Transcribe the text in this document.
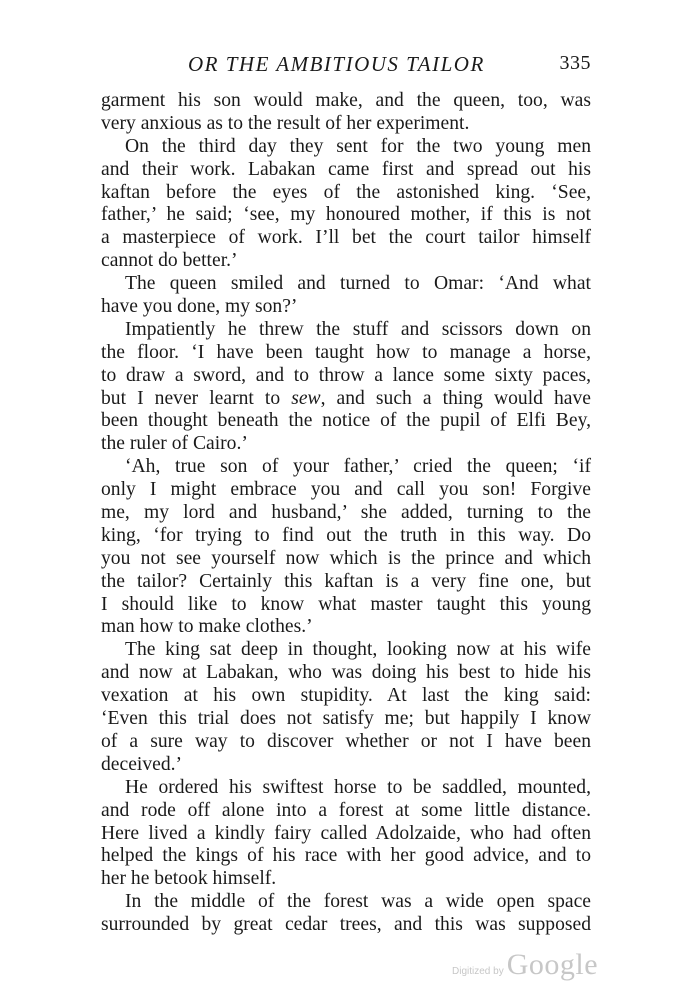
OR THE AMBITIOUS TAILOR	335
garment his son would make, and the queen, too, was
very anxious as to the result of her experiment.
On the third day they sent for the two young men
and their work. Labakan came first and spread out his
kaftan before the eyes of the astonished king. ‘See,
father,’ he said; ‘see, my honoured mother, if this is not
a masterpiece of work. I’ll bet the court tailor himself
cannot do better.’
The queen smiled and turned to Omar: ‘And what
have you done, my son?’
Impatiently he threw the stuff and scissors down on
the floor. ‘I have been taught how to manage a horse,
to draw a sword, and to throw a lance some sixty paces,
but I never learnt to sew, and such a thing would have
been thought beneath the notice of the pupil of Elfi Bey,
the ruler of Cairo.’
‘Ah, true son of your father,’ cried the queen; ‘if
only I might embrace you and call you son! Forgive
me, my lord and husband,’ she added, turning to the
king, ‘for trying to find out the truth in this way. Do
you not see yourself now which is the prince and which
the tailor? Certainly this kaftan is a very fine one, but
I should like to know what master taught this young
man how to make clothes.’
The king sat deep in thought, looking now at his wife
and now at Labakan, who was doing his best to hide his
vexation at his own stupidity. At last the king said:
‘Even this trial does not satisfy me; but happily I know
of a sure way to discover whether or not I have been
deceived.’
He ordered his swiftest horse to be saddled, mounted,
and rode off alone into a forest at some little distance.
Here lived a kindly fairy called Adolzaide, who had often
helped the kings of his race with her good advice, and to
her he betook himself.
In the middle of the forest was a wide open space
surrounded by great cedar trees, and this was supposed
Digitized by Google
